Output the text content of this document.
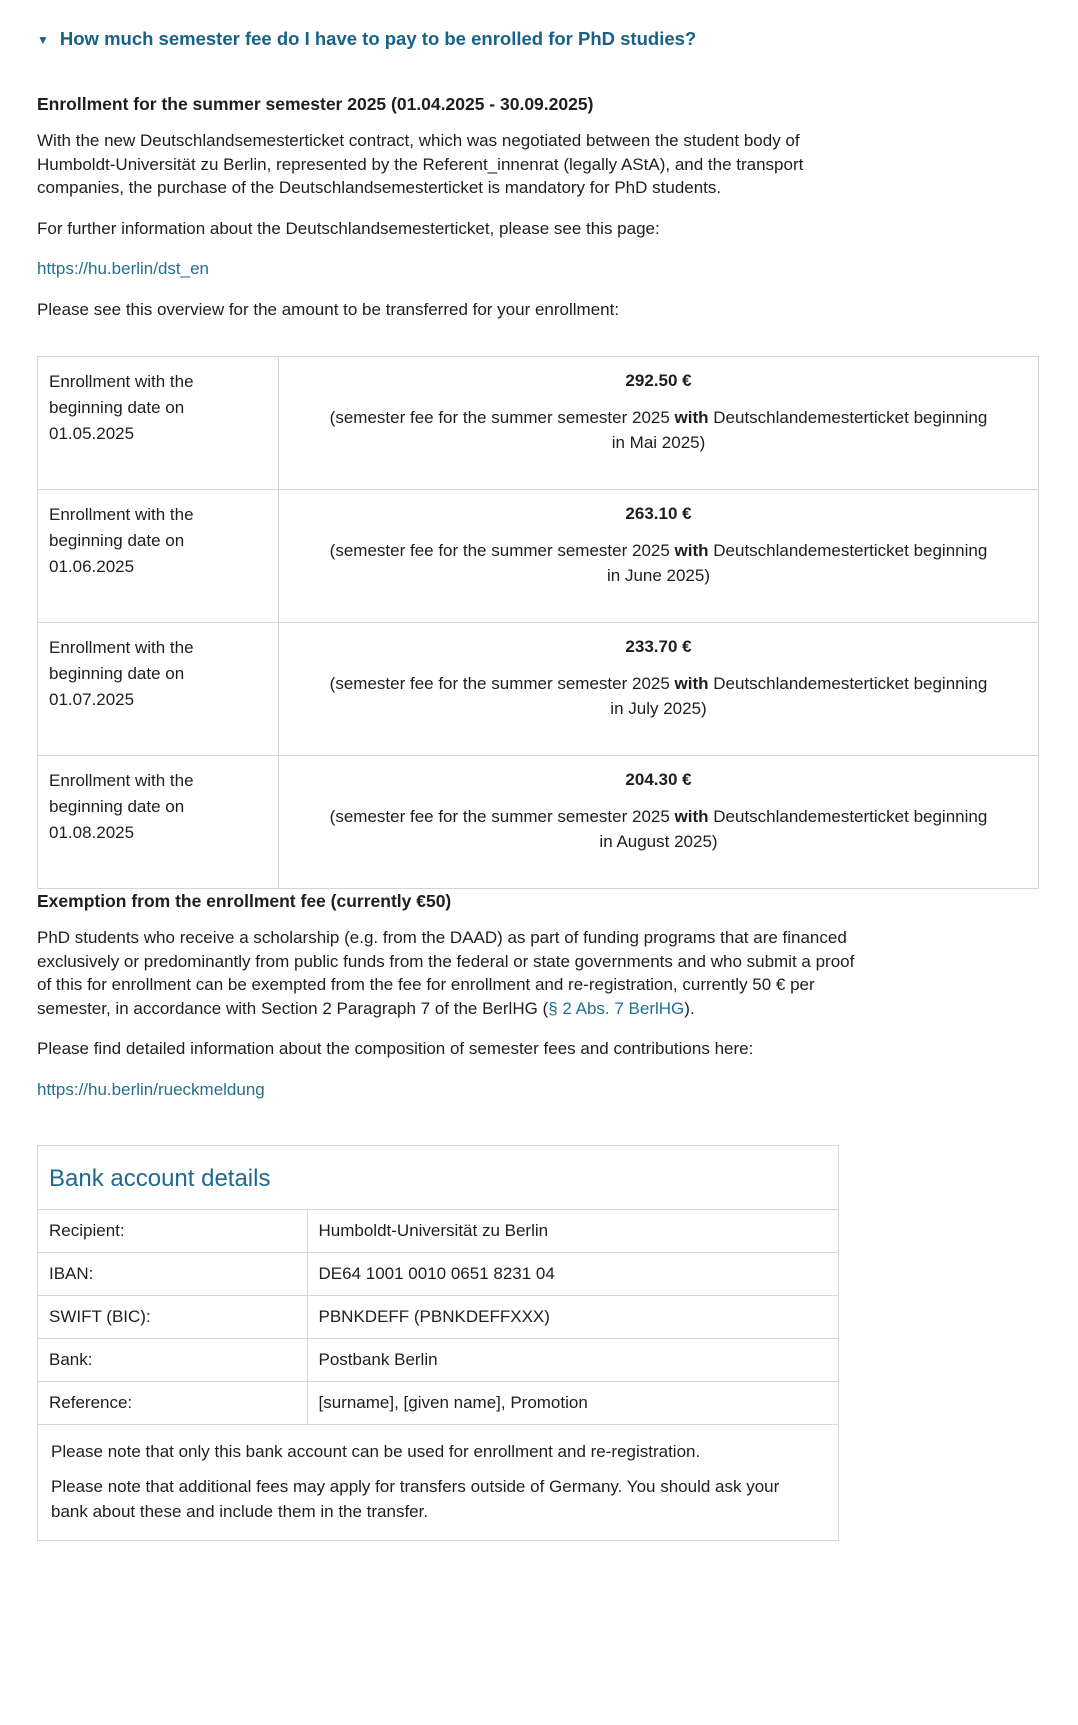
▼ How much semester fee do I have to pay to be enrolled for PhD studies?
Enrollment for the summer semester 2025 (01.04.2025 - 30.09.2025)

With the new Deutschlandsemesterticket contract, which was negotiated between the student body of Humboldt-Universität zu Berlin, represented by the Referent_innenrat (legally AStA), and the transport companies, the purchase of the Deutschlandsemesterticket is mandatory for PhD students.

For further information about the Deutschlandsemesterticket, please see this page:

https://hu.berlin/dst_en

Please see this overview for the amount to be transferred for your enrollment:

Enrollment with the beginning date on 01.05.2025	292.50 €
(semester fee for the summer semester 2025 with Deutschlandemesterticket beginning in Mai 2025)

Enrollment with the beginning date on 01.06.2025	263.10 €
(semester fee for the summer semester 2025 with Deutschlandemesterticket beginning in June 2025)

Enrollment with the beginning date on 01.07.2025	233.70 €
(semester fee for the summer semester 2025 with Deutschlandemesterticket beginning in July 2025)

Enrollment with the beginning date on 01.08.2025	204.30 €
(semester fee for the summer semester 2025 with Deutschlandemesterticket beginning in August 2025)
Exemption from the enrollment fee (currently €50)

PhD students who receive a scholarship (e.g. from the DAAD) as part of funding programs that are financed exclusively or predominantly from public funds from the federal or state governments and who submit a proof of this for enrollment can be exempted from the fee for enrollment and re-registration, currently 50 € per semester, in accordance with Section 2 Paragraph 7 of the BerlHG (§ 2 Abs. 7 BerlHG).

Please find detailed information about the composition of semester fees and contributions here:

https://hu.berlin/rueckmeldung

Bank account details
Recipient:	Humboldt-Universität zu Berlin
IBAN:	DE64 1001 0010 0651 8231 04
SWIFT (BIC):	PBNKDEFF (PBNKDEFFXXX)
Bank:	Postbank Berlin
Reference:	[surname], [given name], Promotion

Please note that only this bank account can be used for enrollment and re-registration.

Please note that additional fees may apply for transfers outside of Germany. You should ask your bank about these and include them in the transfer.	
